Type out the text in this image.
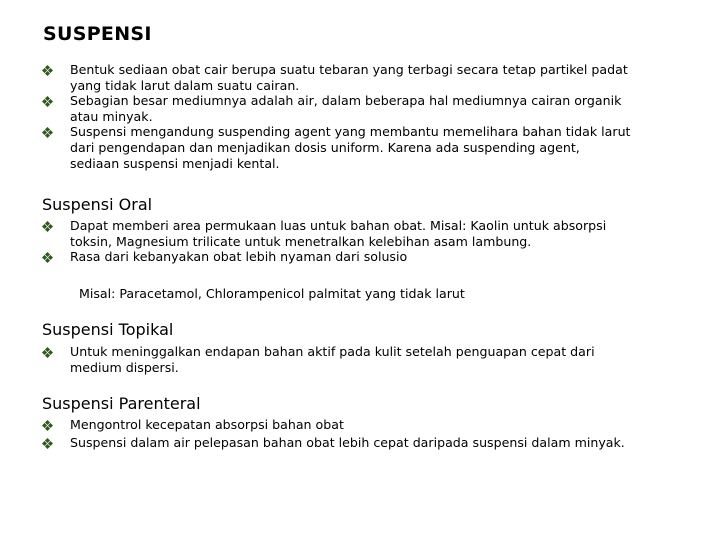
SUSPENSI
Bentuk sediaan obat cair berupa suatu tebaran yang terbagi secara tetap partikel padat yang tidak larut dalam suatu cairan.
Sebagian besar mediumnya adalah air, dalam beberapa hal mediumnya cairan organik atau minyak.
Suspensi mengandung suspending agent yang membantu memelihara bahan tidak larut dari pengendapan dan menjadikan dosis uniform. Karena ada suspending agent, sediaan suspensi menjadi kental.
Suspensi Oral
Dapat memberi area permukaan luas untuk bahan obat. Misal: Kaolin untuk absorpsi toksin, Magnesium trilicate untuk menetralkan kelebihan asam lambung.
Rasa dari kebanyakan obat lebih nyaman dari solusio

Misal: Paracetamol, Chlorampenicol palmitat yang tidak larut

Suspensi Topikal
Untuk meninggalkan endapan bahan aktif pada kulit setelah penguapan cepat dari medium dispersi.
Suspensi Parenteral
Mengontrol kecepatan absorpsi bahan obat
Suspensi dalam air pelepasan bahan obat lebih cepat daripada suspensi dalam minyak.
